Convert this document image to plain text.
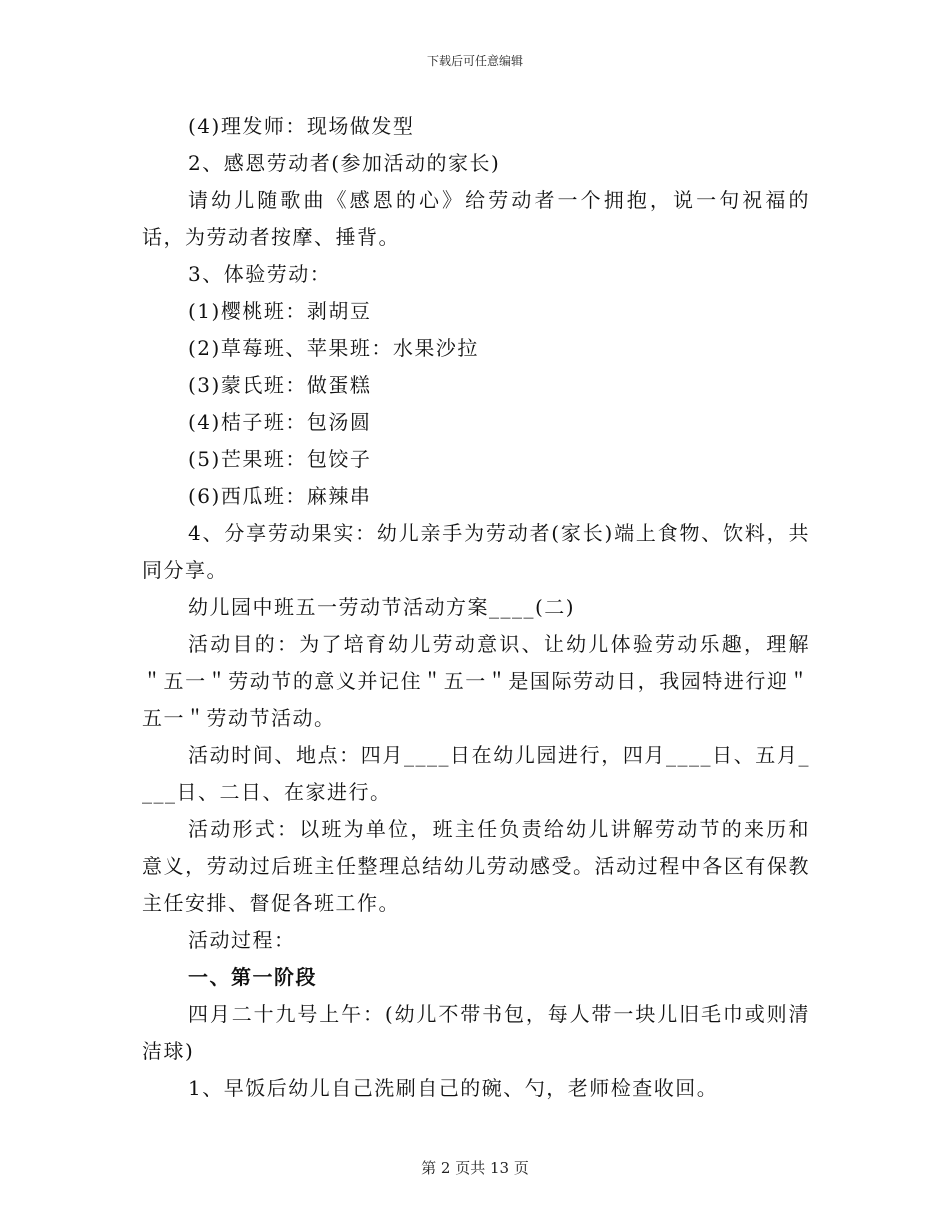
下载后可任意编辑

(4)理发师：现场做发型

2、感恩劳动者(参加活动的家长)

请幼儿随歌曲《感恩的心》给劳动者一个拥抱，说一句祝福的话，为劳动者按摩、捶背。

3、体验劳动：

(1)樱桃班：剥胡豆

(2)草莓班、苹果班：水果沙拉

(3)蒙氏班：做蛋糕

(4)桔子班：包汤圆

(5)芒果班：包饺子

(6)西瓜班：麻辣串

4、分享劳动果实：幼儿亲手为劳动者(家长)端上食物、饮料，共同分享。

幼儿园中班五一劳动节活动方案____(二)

活动目的：为了培育幼儿劳动意识、让幼儿体验劳动乐趣，理解＂五一＂劳动节的意义并记住＂五一＂是国际劳动日，我园特进行迎＂五一＂劳动节活动。

活动时间、地点：四月____日在幼儿园进行，四月____日、五月____日、二日、在家进行。

活动形式：以班为单位，班主任负责给幼儿讲解劳动节的来历和意义，劳动过后班主任整理总结幼儿劳动感受。活动过程中各区有保教主任安排、督促各班工作。

活动过程：

一、第一阶段

四月二十九号上午：(幼儿不带书包，每人带一块儿旧毛巾或则清洁球)

1、早饭后幼儿自己洗刷自己的碗、勺，老师检查收回。

第 2 页共 13 页
